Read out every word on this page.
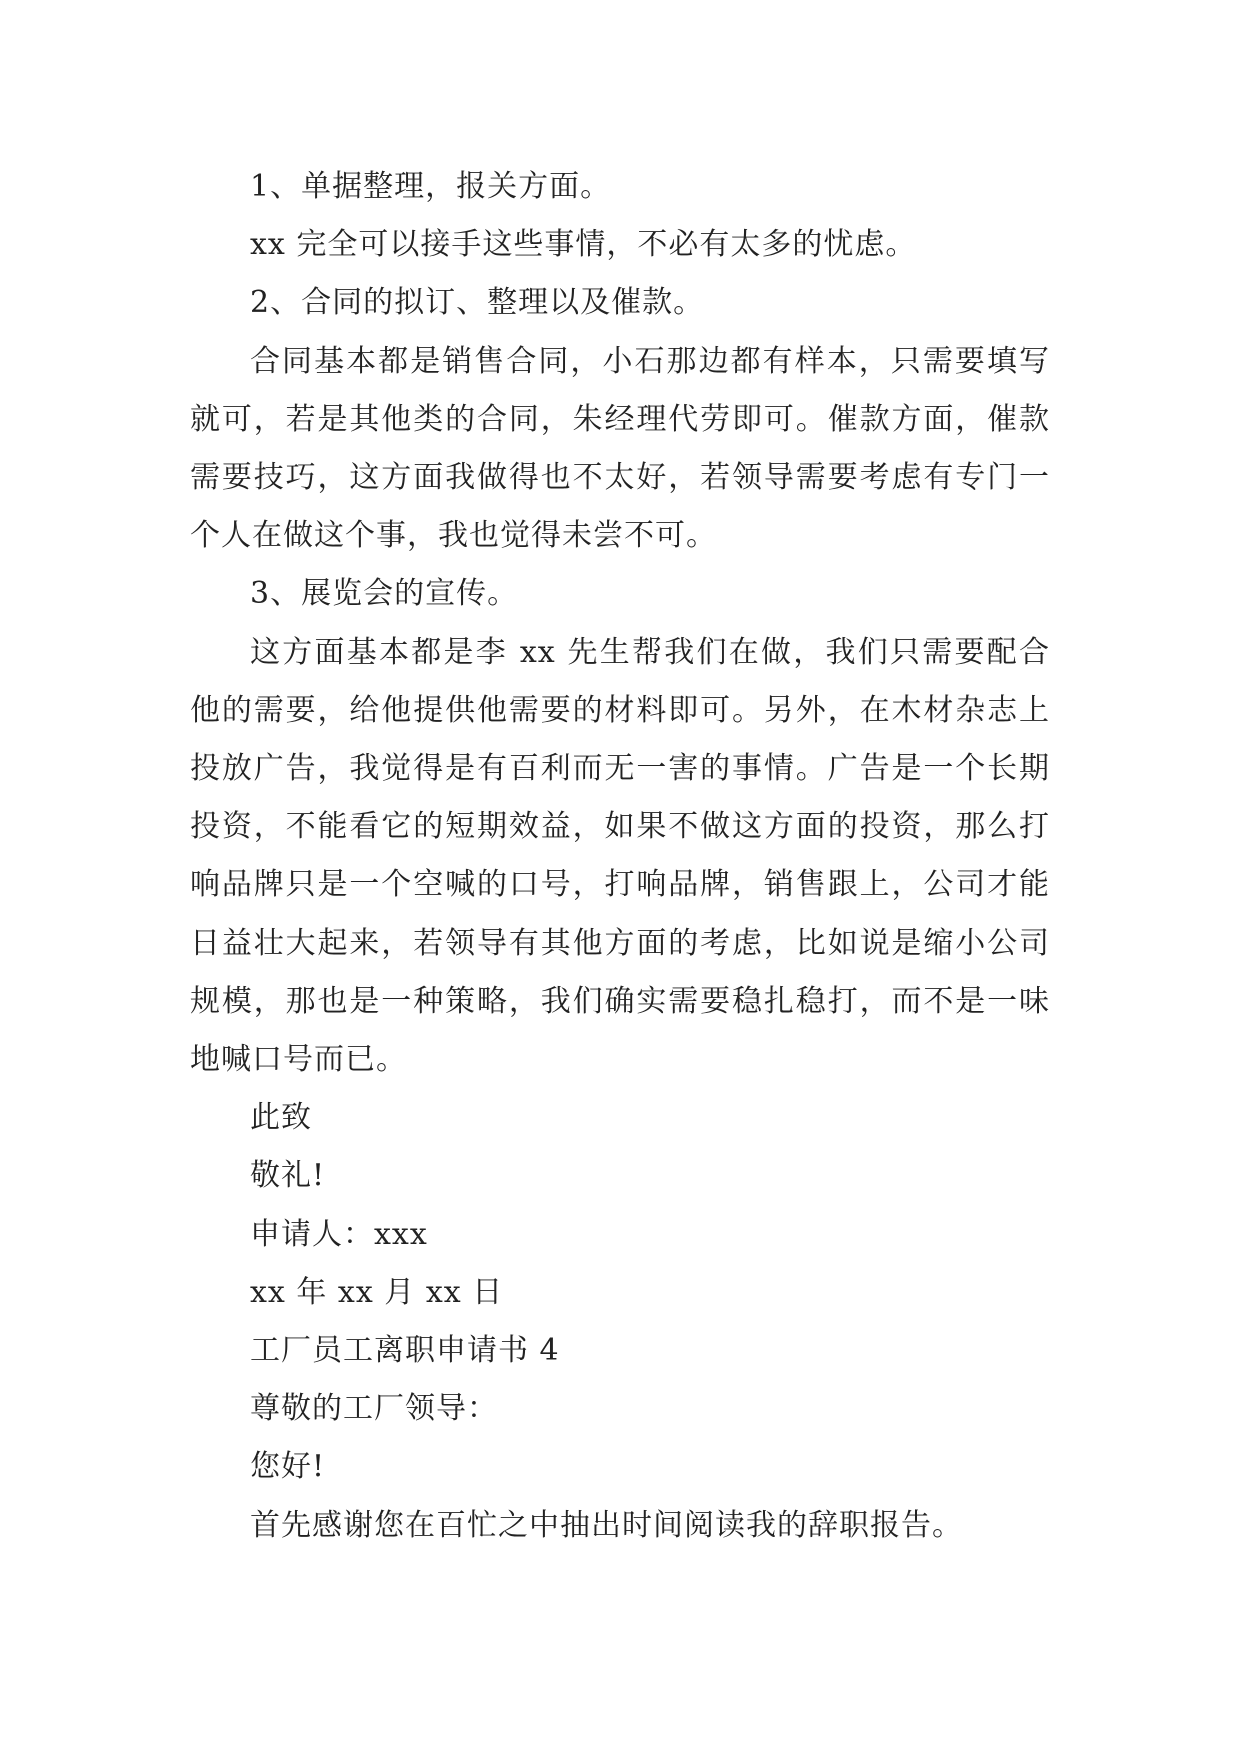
1、单据整理，报关方面。

xx 完全可以接手这些事情，不必有太多的忧虑。

2、合同的拟订、整理以及催款。

合同基本都是销售合同，小石那边都有样本，只需要填写就可，若是其他类的合同，朱经理代劳即可。催款方面，催款需要技巧，这方面我做得也不太好，若领导需要考虑有专门一个人在做这个事，我也觉得未尝不可。

3、展览会的宣传。

这方面基本都是李 xx 先生帮我们在做，我们只需要配合他的需要，给他提供他需要的材料即可。另外，在木材杂志上投放广告，我觉得是有百利而无一害的事情。广告是一个长期投资，不能看它的短期效益，如果不做这方面的投资，那么打响品牌只是一个空喊的口号，打响品牌，销售跟上，公司才能日益壮大起来，若领导有其他方面的考虑，比如说是缩小公司规模，那也是一种策略，我们确实需要稳扎稳打，而不是一味地喊口号而已。

此致

敬礼!

申请人：xxx

xx 年 xx 月 xx 日

工厂员工离职申请书 4

尊敬的工厂领导：

您好!

首先感谢您在百忙之中抽出时间阅读我的辞职报告。
